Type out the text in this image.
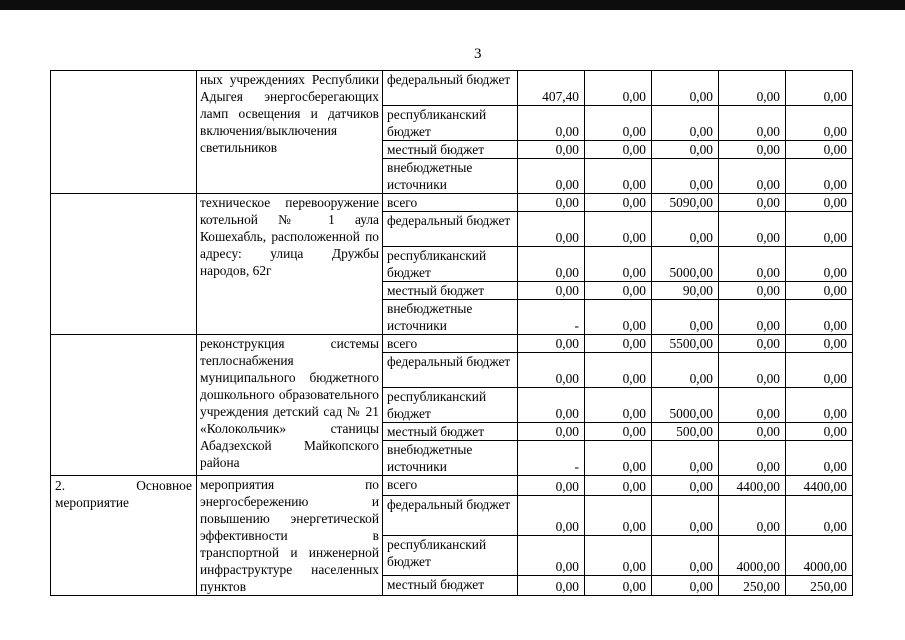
3
	ных учреждениях Республики Адыгея энергосберегающих ламп освещения и датчиков включения/выключения светильников	федеральный бюджет	407,40	0,00	0,00	0,00	0,00
		республиканский бюджет	0,00	0,00	0,00	0,00	0,00
		местный бюджет	0,00	0,00	0,00	0,00	0,00
		внебюджетные источники	0,00	0,00	0,00	0,00	0,00
	техническое перевооружение котельной № 1 аула Кошехабль, расположенной по адресу: улица Дружбы народов, 62г	всего	0,00	0,00	5090,00	0,00	0,00
		федеральный бюджет	0,00	0,00	0,00	0,00	0,00
		республиканский бюджет	0,00	0,00	5000,00	0,00	0,00
		местный бюджет	0,00	0,00	90,00	0,00	0,00
		внебюджетные источники	-	0,00	0,00	0,00	0,00
	реконструкция системы теплоснабжения муниципального бюджетного дошкольного образовательного учреждения детский сад № 21 «Колокольчик» станицы Абадзехской Майкопского района	всего	0,00	0,00	5500,00	0,00	0,00
		федеральный бюджет	0,00	0,00	0,00	0,00	0,00
		республиканский бюджет	0,00	0,00	5000,00	0,00	0,00
		местный бюджет	0,00	0,00	500,00	0,00	0,00
		внебюджетные источники	-	0,00	0,00	0,00	0,00
2. Основное мероприятие	мероприятия по энергосбережению и повышению энергетической эффективности в транспортной и инженерной инфраструктуре населенных пунктов	всего	0,00	0,00	0,00	4400,00	4400,00
		федеральный бюджет	0,00	0,00	0,00	0,00	0,00
		республиканский бюджет	0,00	0,00	0,00	4000,00	4000,00
		местный бюджет	0,00	0,00	0,00	250,00	250,00
